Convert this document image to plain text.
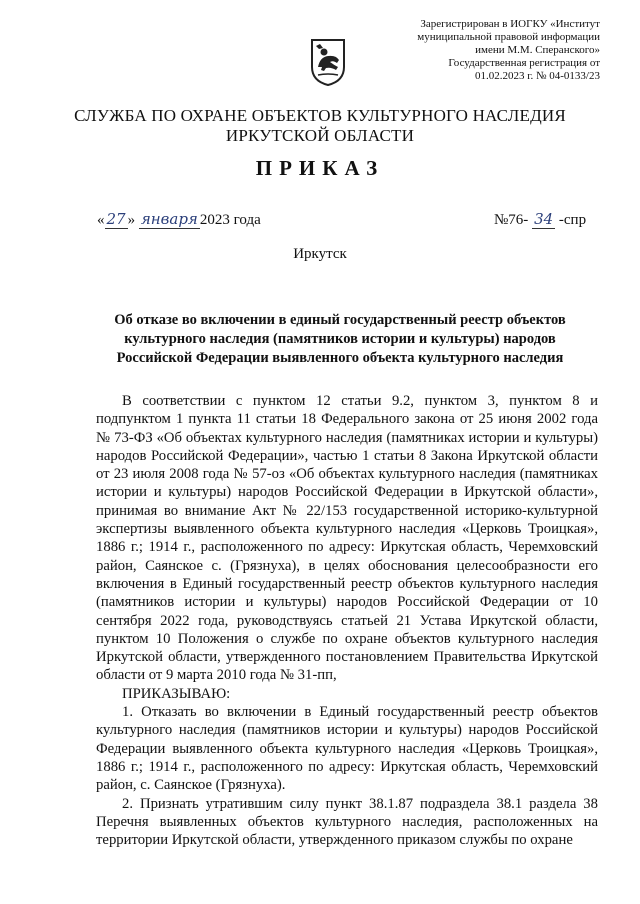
Зарегистрирован в ИОГКУ «Институт
муниципальной правовой информации
имени М.М. Сперанского»
Государственная регистрация от
01.02.2023 г. № 04-0133/23
СЛУЖБА ПО ОХРАНЕ ОБЪЕКТОВ КУЛЬТУРНОГО НАСЛЕДИЯ
ИРКУТСКОЙ ОБЛАСТИ
ПРИКАЗ
« 27 » января 2023 года	№76- 34 -спр
Иркутск
Об отказе во включении в единый государственный реестр объектов
культурного наследия (памятников истории и культуры) народов
Российской Федерации выявленного объекта культурного наследия

В соответствии с пунктом 12 статьи 9.2, пунктом 3, пунктом 8 и подпунктом 1 пункта 11 статьи 18 Федерального закона от 25 июня 2002 года № 73-ФЗ «Об объектах культурного наследия (памятниках истории и культуры) народов Российской Федерации», частью 1 статьи 8 Закона Иркутской области от 23 июля 2008 года № 57-оз «Об объектах культурного наследия (памятниках истории и культуры) народов Российской Федерации в Иркутской области», принимая во внимание Акт № 22/153 государственной историко-культурной экспертизы выявленного объекта культурного наследия «Церковь Троицкая», 1886 г.; 1914 г., расположенного по адресу: Иркутская область, Черемховский район, Саянское с. (Грязнуха), в целях обоснования целесообразности его включения в Единый государственный реестр объектов культурного наследия (памятников истории и культуры) народов Российской Федерации от 10 сентября 2022 года, руководствуясь статьей 21 Устава Иркутской области, пунктом 10 Положения о службе по охране объектов культурного наследия Иркутской области, утвержденного постановлением Правительства Иркутской области от 9 марта 2010 года № 31-пп,

ПРИКАЗЫВАЮ:

1. Отказать во включении в Единый государственный реестр объектов культурного наследия (памятников истории и культуры) народов Российской Федерации выявленного объекта культурного наследия «Церковь Троицкая», 1886 г.; 1914 г., расположенного по адресу: Иркутская область, Черемховский район, с. Саянское (Грязнуха).

2. Признать утратившим силу пункт 38.1.87 подраздела 38.1 раздела 38 Перечня выявленных объектов культурного наследия, расположенных на территории Иркутской области, утвержденного приказом службы по охране
